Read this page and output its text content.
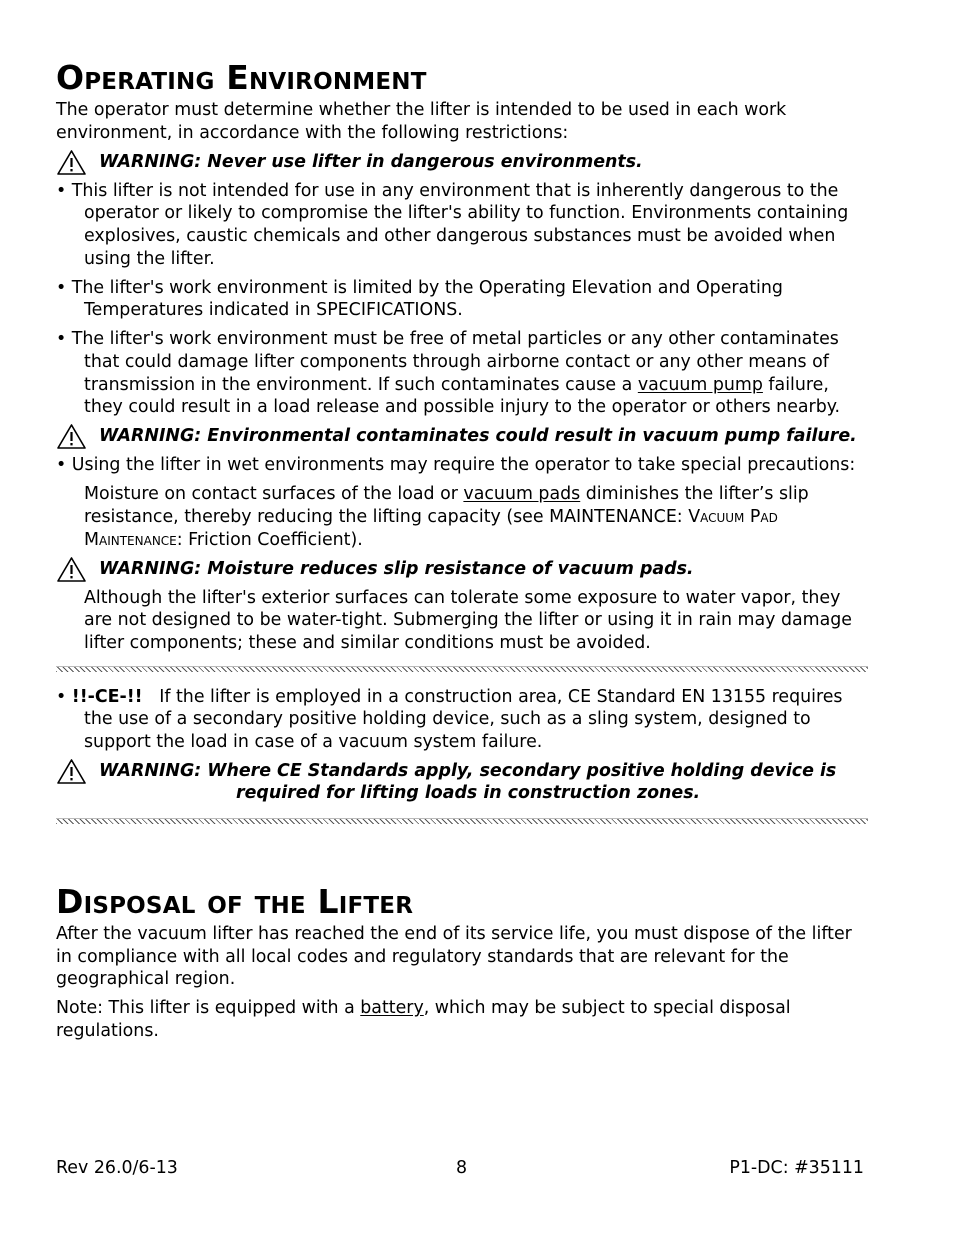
Operating Environment

The operator must determine whether the lifter is intended to be used in each work environment, in accordance with the following restrictions:

WARNING: Never use lifter in dangerous environments.

• This lifter is not intended for use in any environment that is inherently dangerous to the operator or likely to compromise the lifter's ability to function. Environments containing explosives, caustic chemicals and other dangerous substances must be avoided when using the lifter.

• The lifter's work environment is limited by the Operating Elevation and Operating Temperatures indicated in SPECIFICATIONS.

• The lifter's work environment must be free of metal particles or any other contaminates that could damage lifter components through airborne contact or any other means of transmission in the environment. If such contaminates cause a vacuum pump failure, they could result in a load release and possible injury to the operator or others nearby.

WARNING: Environmental contaminates could result in vacuum pump failure.

• Using the lifter in wet environments may require the operator to take special precautions:

Moisture on contact surfaces of the load or vacuum pads diminishes the lifter’s slip resistance, thereby reducing the lifting capacity (see MAINTENANCE: Vacuum Pad Maintenance: Friction Coefficient).

WARNING: Moisture reduces slip resistance of vacuum pads.

Although the lifter's exterior surfaces can tolerate some exposure to water vapor, they are not designed to be water-tight. Submerging the lifter or using it in rain may damage lifter components; these and similar conditions must be avoided.

• !!-CE-!!   If the lifter is employed in a construction area, CE Standard EN 13155 requires the use of a secondary positive holding device, such as a sling system, designed to support the load in case of a vacuum system failure.

WARNING: Where CE Standards apply, secondary positive holding device is
required for lifting loads in construction zones.
Disposal of the Lifter

After the vacuum lifter has reached the end of its service life, you must dispose of the lifter in compliance with all local codes and regulatory standards that are relevant for the geographical region.

Note: This lifter is equipped with a battery, which may be subject to special disposal regulations.

Rev 26.0/6-13	8	P1-DC: #35111
